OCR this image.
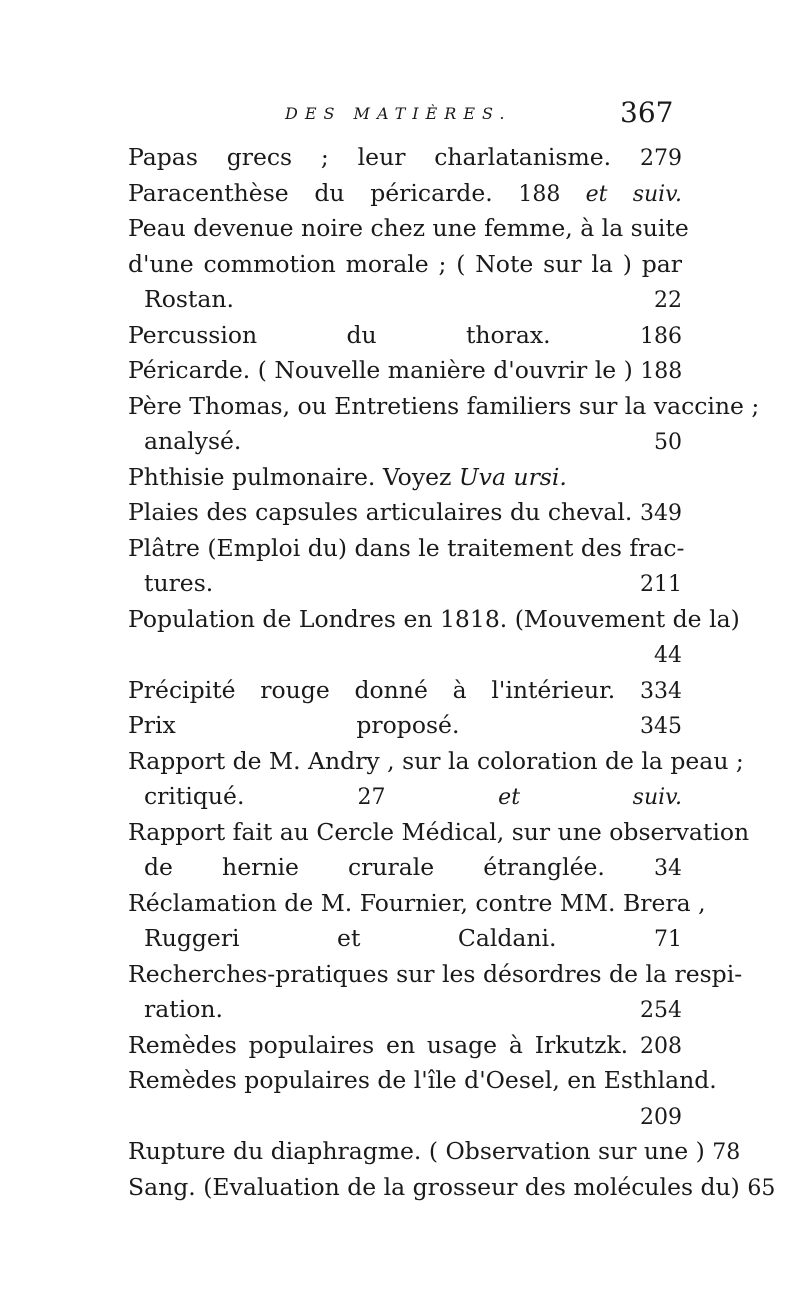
DES MATIÈRES.	367
Papas grecs ; leur charlatanisme. 279
Paracenthèse du péricarde. 188 et suiv.
Peau devenue noire chez une femme, à la suite
d'une commotion morale ; ( Note sur la ) par
Rostan.	22
Percussion du thorax.	186
Péricarde. ( Nouvelle manière d'ouvrir le ) 188
Père Thomas, ou Entretiens familiers sur la vaccine ;
analysé.	50
Phthisie pulmonaire. Voyez Uva ursi.
Plaies des capsules articulaires du cheval. 349
Plâtre (Emploi du) dans le traitement des frac-
tures.	211
Population de Londres en 1818. (Mouvement de la)
44
Précipité rouge donné à l'intérieur. 334
Prix proposé.	345
Rapport de M. Andry , sur la coloration de la peau ;
critiqué.	27 et suiv.
Rapport fait au Cercle Médical, sur une observation
de hernie crurale étranglée. 34
Réclamation de M. Fournier, contre MM. Brera ,
Ruggeri et Caldani.	71
Recherches-pratiques sur les désordres de la respi-
ration.	254
Remèdes populaires en usage à Irkutzk. 208
Remèdes populaires de l'île d'Oesel, en Esthland.
209
Rupture du diaphragme. ( Observation sur une ) 78
Sang. (Evaluation de la grosseur des molécules du) 65
